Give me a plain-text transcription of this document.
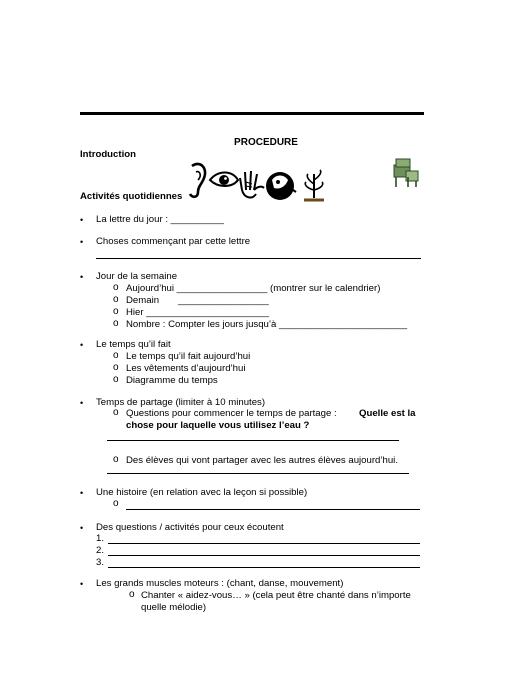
PROCEDURE
Introduction
Activités quotidiennes
• La lettre du jour : __________
• Choses commençant par cette lettre
• Jour de la semaine
o Aujourd’hui _________________ (montrer sur le calendrier)
o Demain _________________
o Hier _______________________
o Nombre : Compter les jours jusqu’à ________________________
• Le temps qu’il fait
o Le temps qu’il fait aujourd’hui
o Les vêtements d’aujourd’hui
o Diagramme du temps
• Temps de partage (limiter à 10 minutes)
o Questions pour commencer le temps de partage : Quelle est la
chose pour laquelle vous utilisez l’eau ?
o Des élèves qui vont partager avec les autres élèves aujourd’hui.
• Une histoire (en relation avec la leçon si possible)
o
• Des questions / activités pour ceux écoutent
1.
2.
3.
• Les grands muscles moteurs : (chant, danse, mouvement)
o Chanter « aidez-vous… » (cela peut être chanté dans n’importe
quelle mélodie)
